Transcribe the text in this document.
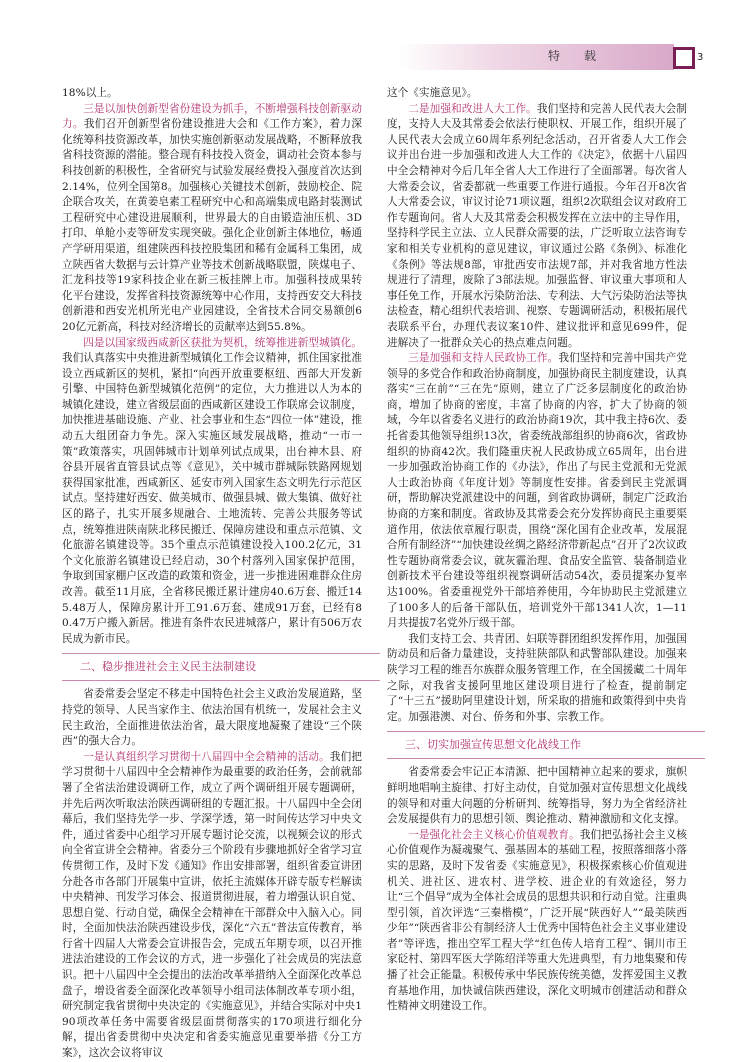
特载	3

18%以上。

三是以加快创新型省份建设为抓手，不断增强科技创新驱动力。我们召开创新型省份建设推进大会和《工作方案》，着力深化统筹科技资源改革，加快实施创新驱动发展战略，不断释放我省科技资源的潜能。整合现有科技投入资金，调动社会资本参与科技创新的积极性，全省研究与试验发展经费投入强度首次达到2.14%，位列全国第8。加强核心关键技术创新，鼓励校企、院企联合攻关，在黄姜皂素工程研究中心和高端集成电路封装测试工程研究中心建设进展顺利，世界最大的自由锻造油压机、3D打印、单舱小麦等研发实现突破。强化企业创新主体地位，畅通产学研用渠道，组建陕西科技控股集团和稀有金属科工集团，成立陕西省大数据与云计算产业等技术创新战略联盟，陕煤电子、汇龙科技等19家科技企业在新三板挂牌上市。加强科技成果转化平台建设，发挥省科技资源统筹中心作用，支持西安交大科技创新港和西安光机所光电产业园建设，全省技术合同交易额创620亿元新高，科技对经济增长的贡献率达到55.8%。

四是以国家级西咸新区获批为契机，统筹推进新型城镇化。我们认真落实中央推进新型城镇化工作会议精神，抓住国家批准设立西咸新区的契机，紧扣“向西开放重要枢纽、西部大开发新引擎、中国特色新型城镇化范例”的定位，大力推进以人为本的城镇化建设，建立省级层面的西咸新区建设工作联席会议制度，加快推进基础设施、产业、社会事业和生态“四位一体”建设，推动五大组团奋力争先。深入实施区域发展战略，推动“一市一策”政策落实，巩固韩城市计划单列试点成果，出台神木县、府谷县开展省直管县试点等《意见》，关中城市群城际铁路网规划获得国家批准，西咸新区、延安市列入国家生态文明先行示范区试点。坚持建好西安、做美城市、做强县城、做大集镇、做好社区的路子，扎实开展多规融合、土地流转、完善公共服务等试点，统筹推进陕南陕北移民搬迁、保障房建设和重点示范镇、文化旅游名镇建设等。35个重点示范镇建设投入100.2亿元，31个文化旅游名镇建设已经启动，30个村落列入国家保护范围，争取到国家棚户区改造的政策和资金，进一步推进困难群众住房改善。截至11月底，全省移民搬迁累计建房40.6万套、搬迁145.48万人，保障房累计开工91.6万套、建成91万套，已经有80.47万户搬入新居。推进有条件农民进城落户，累计有506万农民成为新市民。

二、稳步推进社会主义民主法制建设

省委常委会坚定不移走中国特色社会主义政治发展道路，坚持党的领导、人民当家作主、依法治国有机统一，发展社会主义民主政治，全面推进依法治省，最大限度地凝聚了建设“三个陕西”的强大合力。

一是认真组织学习贯彻十八届四中全会精神的活动。我们把学习贯彻十八届四中全会精神作为最重要的政治任务，会前就部署了全省法治建设调研工作，成立了两个调研组开展专题调研，并先后两次听取法治陕西调研组的专题汇报。十八届四中全会闭幕后，我们坚持先学一步、学深学透，第一时间传达学习中央文件，通过省委中心组学习开展专题讨论交流，以视频会议的形式向全省宣讲全会精神。省委分三个阶段有步骤地抓好全省学习宣传贯彻工作，及时下发《通知》作出安排部署，组织省委宣讲团分赴各市各部门开展集中宣讲，依托主流媒体开辟专版专栏解读中央精神、刊发学习体会、报道贯彻进展，着力增强认识自觉、思想自觉、行动自觉，确保全会精神在干部群众中入脑入心。同时，全面加快法治陕西建设步伐，深化“六五”普法宣传教育，举行省十四届人大常委会宣讲报告会，完成五年期专项，以召开推进法治建设的工作会议的方式，进一步强化了社会成员的宪法意识。把十八届四中全会提出的法治改革举措纳入全面深化改革总盘子，增设省委全面深化改革领导小组司法体制改革专项小组，研究制定我省贯彻中央决定的《实施意见》，并结合实际对中央190项改革任务中需要省级层面贯彻落实的170项进行细化分解，提出省委贯彻中央决定和省委实施意见重要举措《分工方案》，这次会议将审议

这个《实施意见》。

二是加强和改进人大工作。我们坚持和完善人民代表大会制度，支持人大及其常委会依法行使职权、开展工作，组织开展了人民代表大会成立60周年系列纪念活动，召开省委人大工作会议并出台进一步加强和改进人大工作的《决定》，依据十八届四中全会精神对今后几年全省人大工作进行了全面部署。每次省人大常委会议，省委都就一些重要工作进行通报。今年召开8次省人大常委会议，审议讨论71项议题，组织2次联组会议对政府工作专题询问。省人大及其常委会积极发挥在立法中的主导作用，坚持科学民主立法、立人民群众需要的法，广泛听取立法咨询专家和相关专业机构的意见建议，审议通过公路《条例》、标准化《条例》等法规8部，审批西安市法规7部，并对我省地方性法规进行了清理，废除了3部法规。加强监督、审议重大事项和人事任免工作，开展水污染防治法、专利法、大气污染防治法等执法检查，精心组织代表培训、视察、专题调研活动，积极拓展代表联系平台，办理代表议案10件、建议批评和意见699件，促进解决了一批群众关心的热点难点问题。

三是加强和支持人民政协工作。我们坚持和完善中国共产党领导的多党合作和政治协商制度，加强协商民主制度建设，认真落实“三在前”“三在先”原则，建立了广泛多层制度化的政治协商，增加了协商的密度，丰富了协商的内容，扩大了协商的领域，今年以省委名义进行的政治协商19次，其中我主持6次、委托省委其他领导组织13次，省委统战部组织的协商6次，省政协组织的协商42次。我们隆重庆祝人民政协成立65周年，出台进一步加强政治协商工作的《办法》，作出了与民主党派和无党派人士政治协商《年度计划》等制度性安排。省委到民主党派调研，帮助解决党派建设中的问题，到省政协调研，制定广泛政治协商的方案和制度。省政协及其常委会充分发挥协商民主重要渠道作用，依法依章履行职责，围绕“深化国有企业改革，发展混合所有制经济”“加快建设丝绸之路经济带新起点”召开了2次议政性专题协商常委会议，就灰霾治理、食品安全监管、装备制造业创新技术平台建设等组织视察调研活动54次，委员提案办复率达100%。省委重视党外干部培养使用，今年协助民主党派建立了100多人的后备干部队伍，培训党外干部1341人次，1—11月共提拔7名党外厅级干部。

我们支持工会、共青团、妇联等群团组织发挥作用，加强国防动员和后备力量建设，支持驻陕部队和武警部队建设。加强来陕学习工程的维吾尔族群众服务管理工作，在全国援藏二十周年之际，对我省支援阿里地区建设项目进行了检查，提前制定了“十三五”援助阿里建设计划，所采取的措施和政策得到中央肯定。加强港澳、对台、侨务和外事、宗教工作。

三、切实加强宣传思想文化战线工作

省委常委会牢记正本清源、把中国精神立起来的要求，旗帜鲜明地唱响主旋律、打好主动仗，自觉加强对宣传思想文化战线的领导和对重大问题的分析研判、统筹指导，努力为全省经济社会发展提供有力的思想引领、舆论推动、精神激励和文化支撑。

一是强化社会主义核心价值观教育。我们把弘扬社会主义核心价值观作为凝魂聚气、强基固本的基础工程，按照落细落小落实的思路，及时下发省委《实施意见》，积极探索核心价值观进机关、进社区、进农村、进学校、进企业的有效途径，努力让“三个倡导”成为全体社会成员的思想共识和行动自觉。注重典型引领，首次评选“三秦楷模”，广泛开展“陕西好人”“最美陕西少年”“陕西省非公有制经济人士优秀中国特色社会主义事业建设者”等评选，推出空军工程大学“红色传人培育工程”、铜川市王家砭村、第四军医大学陈绍洋等重大先进典型，有力地集聚和传播了社会正能量。积极传承中华民族传统美德，发挥爱国主义教育基地作用，加快诚信陕西建设，深化文明城市创建活动和群众性精神文明建设工作。
